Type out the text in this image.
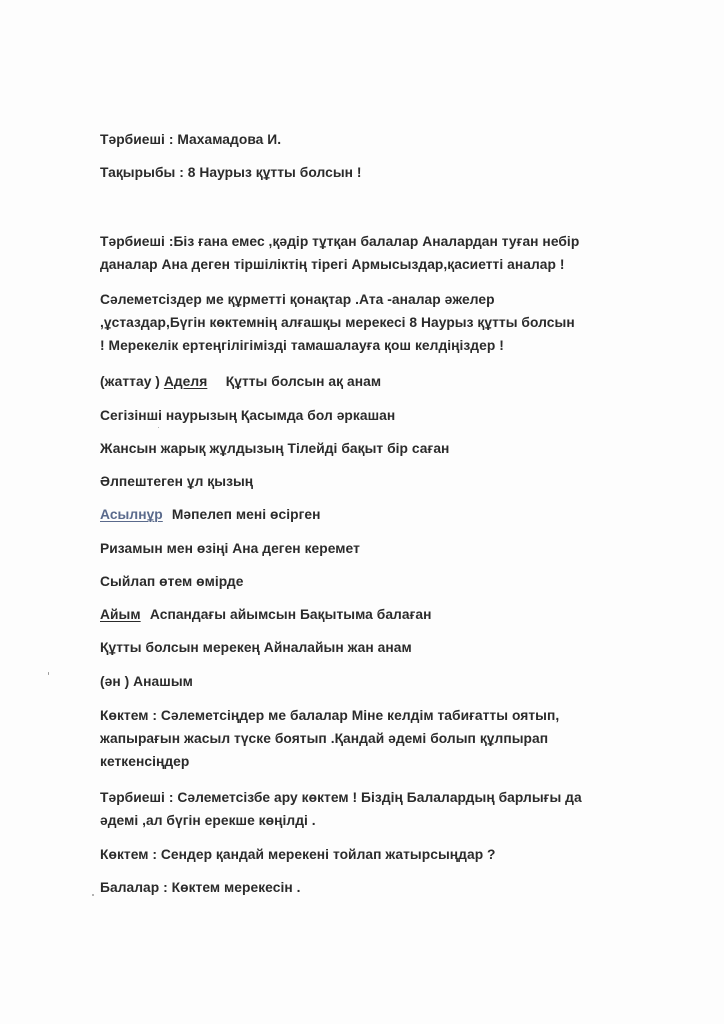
Тәрбиеші : Махамадова И.
Тақырыбы : 8 Наурыз құтты болсын !
Тәрбиеші :Біз ғана емес ,қәдір тұтқан балалар Аналардан туған небір
даналар Ана деген тіршіліктің тірегі Армысыздар,қасиетті аналар !
Сәлеметсіздер ме құрметті қонақтар .Ата -аналар әжелер
,ұстаздар,Бүгін көктемнің алғашқы мерекесі 8 Наурыз құтты болсын
! Мерекелік ертеңгілігімізді тамашалауға қош келдіңіздер !
(жаттау ) Аделя Құтты болсын ақ анам
Сегізінші наурызың Қасымда бол әркашан
Жансын жарық жұлдызың Тілейді бақыт бір саған
Әлпештеген ұл қызың
Асылнұр Мәпелеп мені өсірген
Ризамын мен өзіңі Ана деген керемет
Сыйлап өтем өмірде
Айым Аспандағы айымсын Бақытыма балаған
Құтты болсын мерекең Айналайын жан анам
(ән ) Анашым
Көктем : Сәлеметсіңдер ме балалар Міне келдім табиғатты оятып,
жапырағын жасыл түске боятып .Қандай әдемі болып құлпырап
кеткенсіңдер
Тәрбиеші : Сәлеметсізбе ару көктем ! Біздің Балалардың барлығы да
әдемі ,ал бүгін ерекше көңілді .
Көктем : Сендер қандай мерекені тойлап жатырсыңдар ?
Балалар : Көктем мерекесін .
